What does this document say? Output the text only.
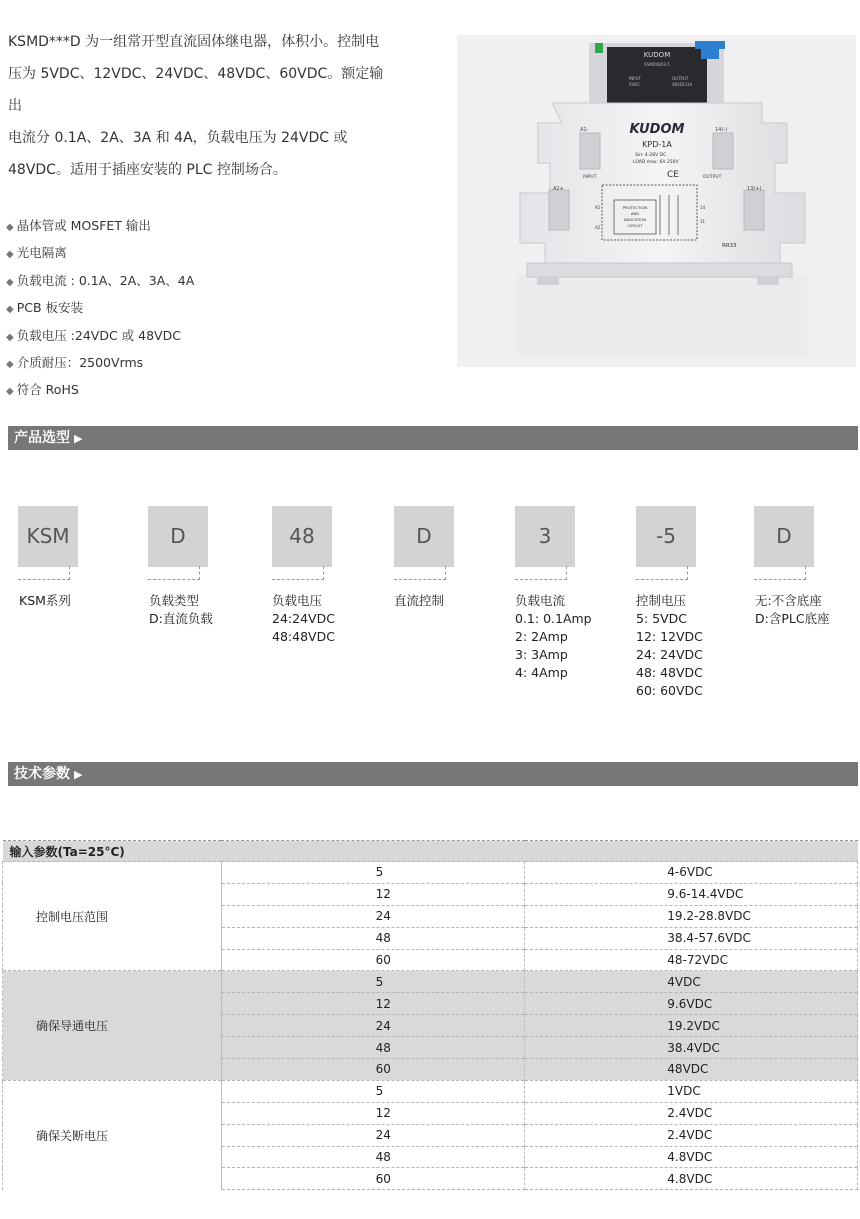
KSMD***D 为一组常开型直流固体继电器，体积小。控制电
压为 5VDC、12VDC、24VDC、48VDC、60VDC。额定输出
电流分 0.1A、2A、3A 和 4A，负载电压为 24VDC 或
48VDC。适用于插座安装的 PLC 控制场合。
◆ 晶体管或 MOSFET 输出
◆ 光电隔离
◆ 负载电流 : 0.1A、2A、3A、4A
◆ PCB 板安装
◆ 负载电压 :24VDC 或 48VDC
◆ 介质耐压：2500Vrms
◆ 符合 RoHS
KUDOM
KSMD4803-5
INPUT
5VDC
OUTPUT
48VDC/3A
KUDOM
KPD-1A
Sin: 4-28V DC
LOAD max: 6A 250V
CE
A1-	14(-)
A2+	13(+)
INPUT	OUTPUT
PROTECTION
AND
INDICATION
CIRCUIT
A1
A2
14
11
RR33
产品选型 ▶
KSM
KSM系列
D
负载类型
D:直流负载
48
负载电压
24:24VDC
48:48VDC
D
直流控制
3
负载电流
0.1: 0.1Amp
2: 2Amp
3: 3Amp
4: 4Amp
-5
控制电压
5: 5VDC
12: 12VDC
24: 24VDC
48: 48VDC
60: 60VDC
D
无:不含底座
D:含PLC底座
技术参数 ▶
输入参数(Ta=25°C)		
控制电压范围	5	4-6VDC
	12	9.6-14.4VDC
	24	19.2-28.8VDC
	48	38.4-57.6VDC
	60	48-72VDC
确保导通电压	5	4VDC
	12	9.6VDC
	24	19.2VDC
	48	38.4VDC
	60	48VDC
确保关断电压	5	1VDC
	12	2.4VDC
	24	2.4VDC
	48	4.8VDC
	60	4.8VDC
